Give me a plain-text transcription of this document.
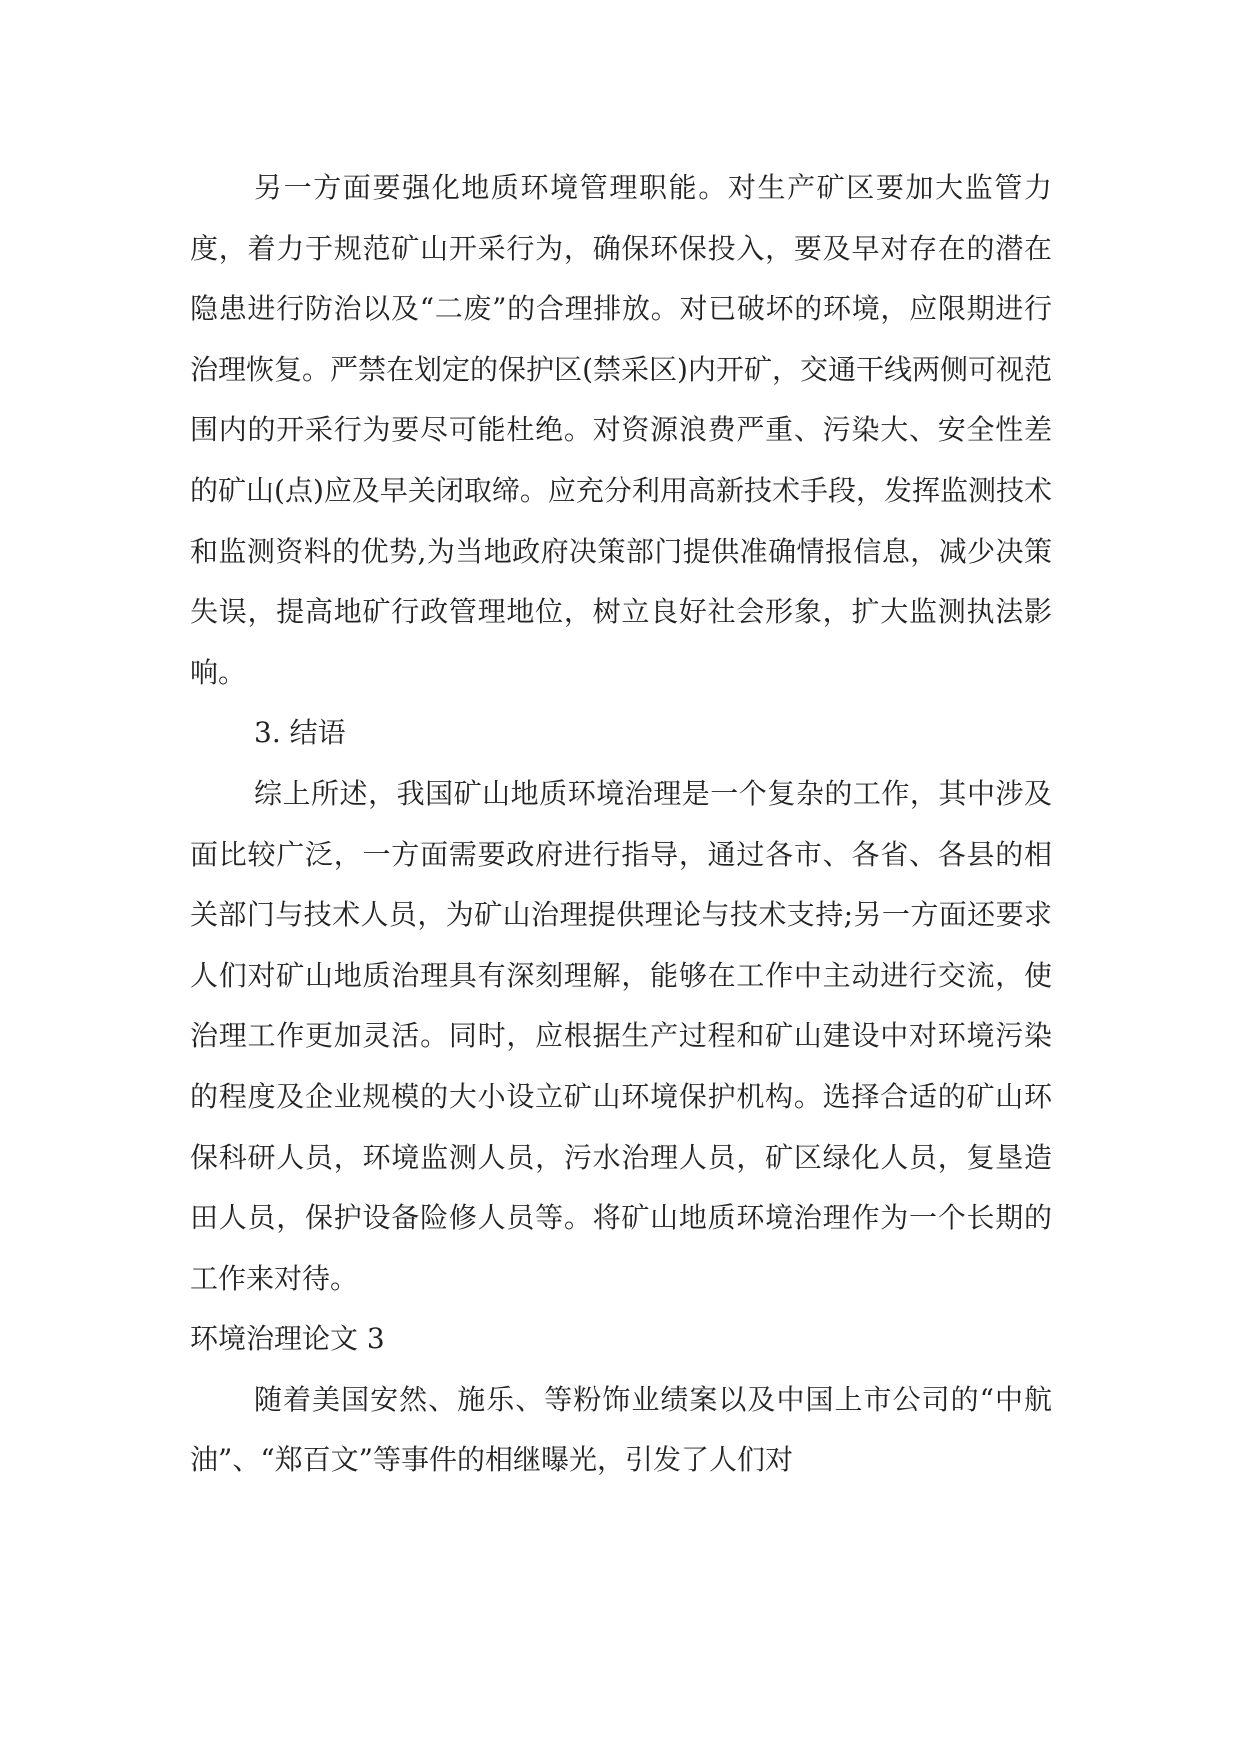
另一方面要强化地质环境管理职能。对生产矿区要加大监管力度，着力于规范矿山开采行为，确保环保投入，要及早对存在的潜在隐患进行防治以及“二废”的合理排放。对已破坏的环境，应限期进行治理恢复。严禁在划定的保护区(禁采区)内开矿，交通干线两侧可视范围内的开采行为要尽可能杜绝。对资源浪费严重、污染大、安全性差的矿山(点)应及早关闭取缔。应充分利用高新技术手段，发挥监测技术和监测资料的优势,为当地政府决策部门提供准确情报信息，减少决策失误，提高地矿行政管理地位，树立良好社会形象，扩大监测执法影响。

3. 结语

综上所述，我国矿山地质环境治理是一个复杂的工作，其中涉及面比较广泛，一方面需要政府进行指导，通过各市、各省、各县的相关部门与技术人员，为矿山治理提供理论与技术支持;另一方面还要求人们对矿山地质治理具有深刻理解，能够在工作中主动进行交流，使治理工作更加灵活。同时，应根据生产过程和矿山建设中对环境污染的程度及企业规模的大小设立矿山环境保护机构。选择合适的矿山环保科研人员，环境监测人员，污水治理人员，矿区绿化人员，复垦造田人员，保护设备险修人员等。将矿山地质环境治理作为一个长期的工作来对待。

环境治理论文 3

随着美国安然、施乐、等粉饰业绩案以及中国上市公司的“中航油”、“郑百文”等事件的相继曝光，引发了人们对
